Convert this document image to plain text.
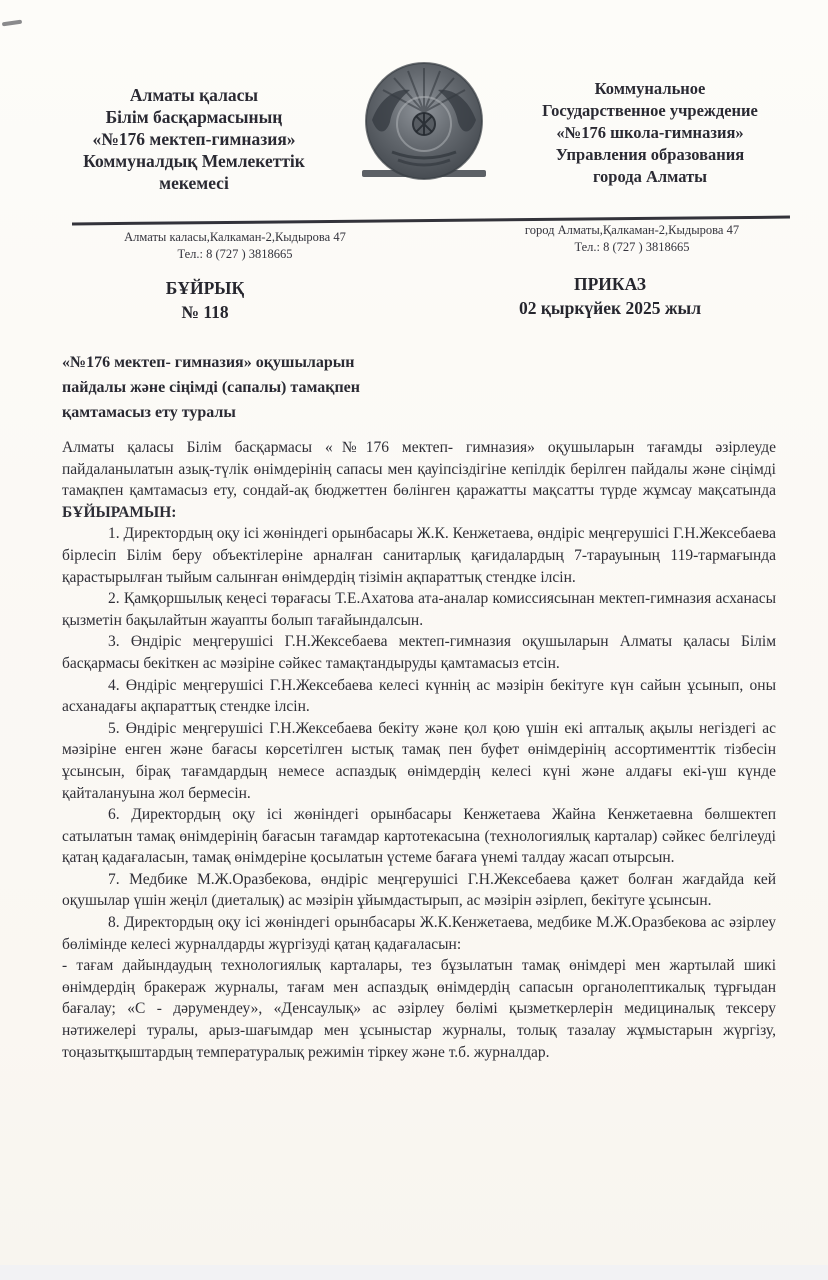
Алматы қаласы
Білім басқармасының
«№176 мектеп-гимназия»
Коммуналдық Мемлекеттік
мекемесі
Коммунальное
Государственное учреждение
«№176 школа-гимназия»
Управления образования
города Алматы
Алматы каласы,Калкаман-2,Кыдырова 47
Тел.: 8 (727 ) 3818665
город Алматы,Қалкаман-2,Кыдырова 47
Тел.: 8 (727 ) 3818665
БҰЙРЫҚ
№ 118
ПРИКАЗ
02 қыркүйек 2025 жыл
«№176 мектеп- гимназия» оқушыларын
пайдалы және сіңімді (сапалы) тамақпен
қамтамасыз ету туралы

Алматы қаласы Білім басқармасы «№176 мектеп- гимназия» оқушыларын тағамды әзірлеуде пайдаланылатын азық-түлік өнімдерінің сапасы мен қауіпсіздігіне кепілдік берілген пайдалы және сіңімді тамақпен қамтамасыз ету, сондай-ақ бюджеттен бөлінген қаражатты мақсатты түрде жұмсау мақсатында БҰЙЫРАМЫН:

1. Директордың оқу ісі жөніндегі орынбасары Ж.К. Кенжетаева, өндіріс меңгерушісі Г.Н.Жексебаева бірлесіп Білім беру объектілеріне арналған санитарлық қағидалардың 7-тарауының 119-тармағында қарастырылған тыйым салынған өнімдердің тізімін ақпараттық стендке ілсін.

2. Қамқоршылық кеңесі төрағасы Т.Е.Ахатова ата-аналар комиссиясынан мектеп-гимназия асханасы қызметін бақылайтын жауапты болып тағайындалсын.

3. Өндіріс меңгерушісі Г.Н.Жексебаева мектеп-гимназия оқушыларын Алматы қаласы Білім басқармасы бекіткен ас мәзіріне сәйкес тамақтандыруды қамтамасыз етсін.

4. Өндіріс меңгерушісі Г.Н.Жексебаева келесі күннің ас мәзірін бекітуге күн сайын ұсынып, оны асханадағы ақпараттық стендке ілсін.

5. Өндіріс меңгерушісі Г.Н.Жексебаева бекіту және қол қою үшін екі апталық ақылы негіздегі ас мәзіріне енген және бағасы көрсетілген ыстық тамақ пен буфет өнімдерінің ассортименттік тізбесін ұсынсын, бірақ тағамдардың немесе аспаздық өнімдердің келесі күні және алдағы екі-үш күнде қайталануына жол бермесін.

6. Директордың оқу ісі жөніндегі орынбасары Кенжетаева Жайна Кенжетаевна бөлшектеп сатылатын тамақ өнімдерінің бағасын тағамдар картотекасына (технологиялық карталар) сәйкес белгілеуді қатаң қадағаласын, тамақ өнімдеріне қосылатын үстеме бағаға үнемі талдау жасап отырсын.

7. Медбике М.Ж.Оразбекова, өндіріс меңгерушісі Г.Н.Жексебаева қажет болған жағдайда кей оқушылар үшін жеңіл (диеталық) ас мәзірін ұйымдастырып, ас мәзірін әзірлеп, бекітуге ұсынсын.

8. Директордың оқу ісі жөніндегі орынбасары Ж.К.Кенжетаева, медбике М.Ж.Оразбекова ас әзірлеу бөлімінде келесі журналдарды жүргізуді қатаң қадағаласын:

- тағам дайындаудың технологиялық карталары, тез бұзылатын тамақ өнімдері мен жартылай шикі өнімдердің бракераж журналы, тағам мен аспаздық өнімдердің сапасын органолептикалық тұрғыдан бағалау; «С - дәрумендеу», «Денсаулық» ас әзірлеу бөлімі қызметкерлерін медициналық тексеру нәтижелері туралы, арыз-шағымдар мен ұсыныстар журналы, толық тазалау жұмыстарын жүргізу, тоңазытқыштардың температуралық режимін тіркеу және т.б. журналдар.
